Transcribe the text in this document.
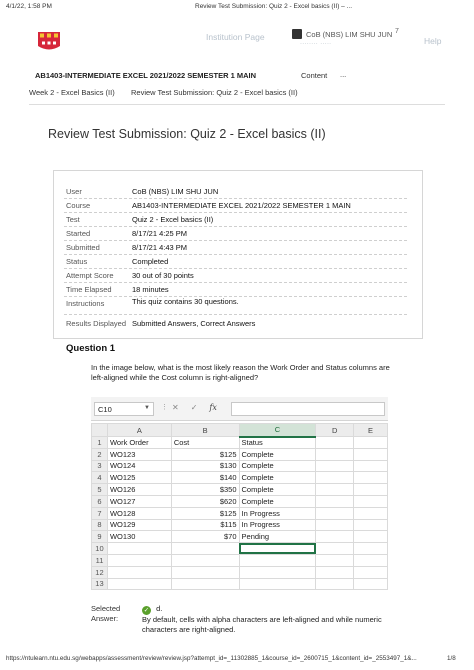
4/1/22, 1:58 PM	Review Test Submission: Quiz 2 - Excel basics (II) – ...
Institution Page	CoB (NBS) LIM SHU JUN 7
........ .....	Help
AB1403-INTERMEDIATE EXCEL 2021/2022 SEMESTER 1 MAIN	Content ...
Week 2 - Excel Basics (II) Review Test Submission: Quiz 2 - Excel basics (II)
Review Test Submission: Quiz 2 - Excel basics (II)
User	CoB (NBS) LIM SHU JUN
Course	AB1403-INTERMEDIATE EXCEL 2021/2022 SEMESTER 1 MAIN
Test	Quiz 2 - Excel basics (II)
Started	8/17/21 4:25 PM
Submitted	8/17/21 4:43 PM
Status	Completed
Attempt Score 30 out of 30 points
Time Elapsed	18 minutes
Instructions	This quiz contains 30 questions.
Results Displayed Submitted Answers, Correct Answers
Question 1
In the image below, what is the most likely reason the Work Order and Status columns are left-aligned while the Cost column is right-aligned?
C10	▼ ⋮ ✕ ✓ fx
	A	B	C	D	E
1	Work Order	Cost	Status		
2	WO123	$125	Complete		
3	WO124	$130	Complete		
4	WO125	$140	Complete		
5	WO126	$350	Complete		
6	WO127	$620	Complete		
7	WO128	$125	In Progress		
8	WO129	$115	In Progress		
9	WO130	$70	Pending		
10					
11					
12					
13					
Selected Answer:
✓ d.
By default, cells with alpha characters are left-aligned and while numeric characters are right-aligned.
https://ntulearn.ntu.edu.sg/webapps/assessment/review/review.jsp?attempt_id=_11302885_1&course_id=_2600715_1&content_id=_2553497_1&...	1/8
